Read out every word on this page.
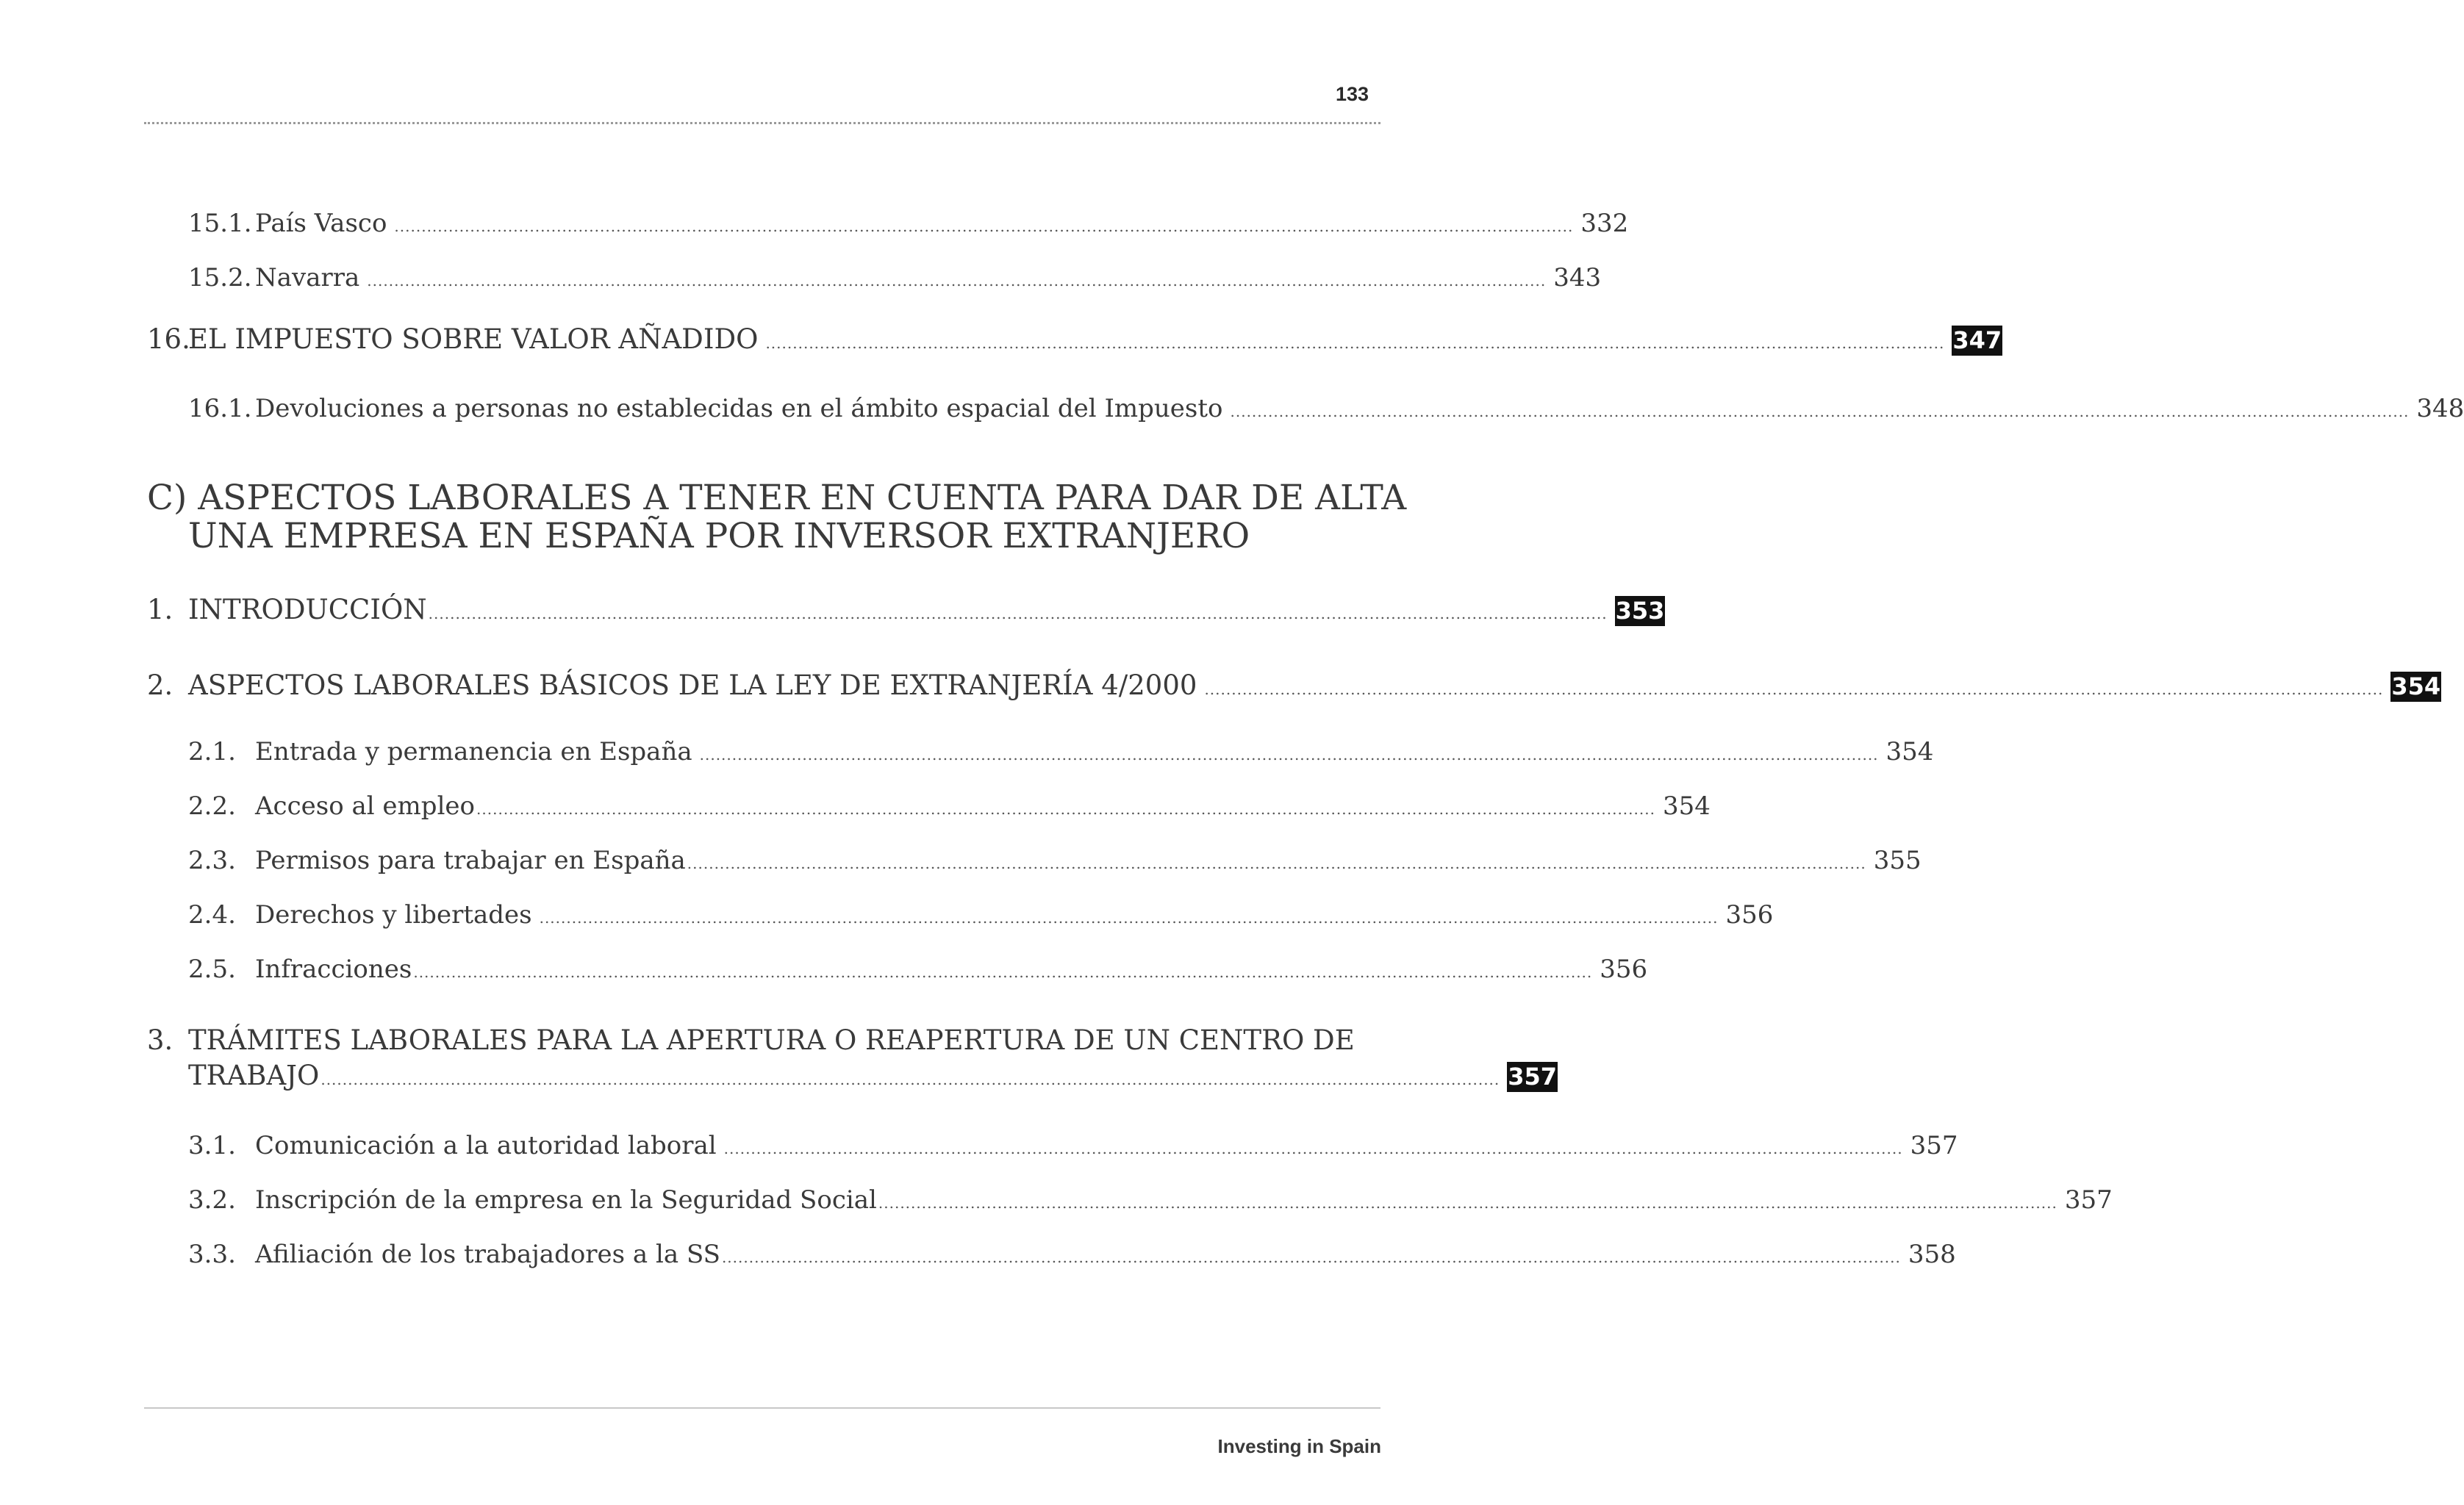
133
15.1. País Vasco .......................................................................................................................................................................................................................... 332
15.2. Navarra .......................................................................................................................................................................................................................... 343
16.
EL IMPUESTO SOBRE VALOR AÑADIDO .......................................................................................................................................................................................................................... 347
16.1. Devoluciones a personas no establecidas en el ámbito espacial del Impuesto .......................................................................................................................................................................................................................... 348
C) ASPECTOS LABORALES A TENER EN CUENTA PARA DAR DE ALTA
UNA EMPRESA EN ESPAÑA POR INVERSOR EXTRANJERO
1. INTRODUCCIÓN .......................................................................................................................................................................................................................... 353
2. ASPECTOS LABORALES BÁSICOS DE LA LEY DE EXTRANJERÍA 4/2000 .......................................................................................................................................................................................................................... 354
2.1. Entrada y permanencia en España .......................................................................................................................................................................................................................... 354
2.2. Acceso al empleo .......................................................................................................................................................................................................................... 354
2.3. Permisos para trabajar en España .......................................................................................................................................................................................................................... 355
2.4. Derechos y libertades .......................................................................................................................................................................................................................... 356
2.5. Infracciones .......................................................................................................................................................................................................................... 356
3. TRÁMITES LABORALES PARA LA APERTURA O REAPERTURA DE UN CENTRO DE
TRABAJO .......................................................................................................................................................................................................................... 357
3.1. Comunicación a la autoridad laboral .......................................................................................................................................................................................................................... 357
3.2. Inscripción de la empresa en la Seguridad Social .......................................................................................................................................................................................................................... 357
3.3. Afiliación de los trabajadores a la SS .......................................................................................................................................................................................................................... 358
Investing in Spain
